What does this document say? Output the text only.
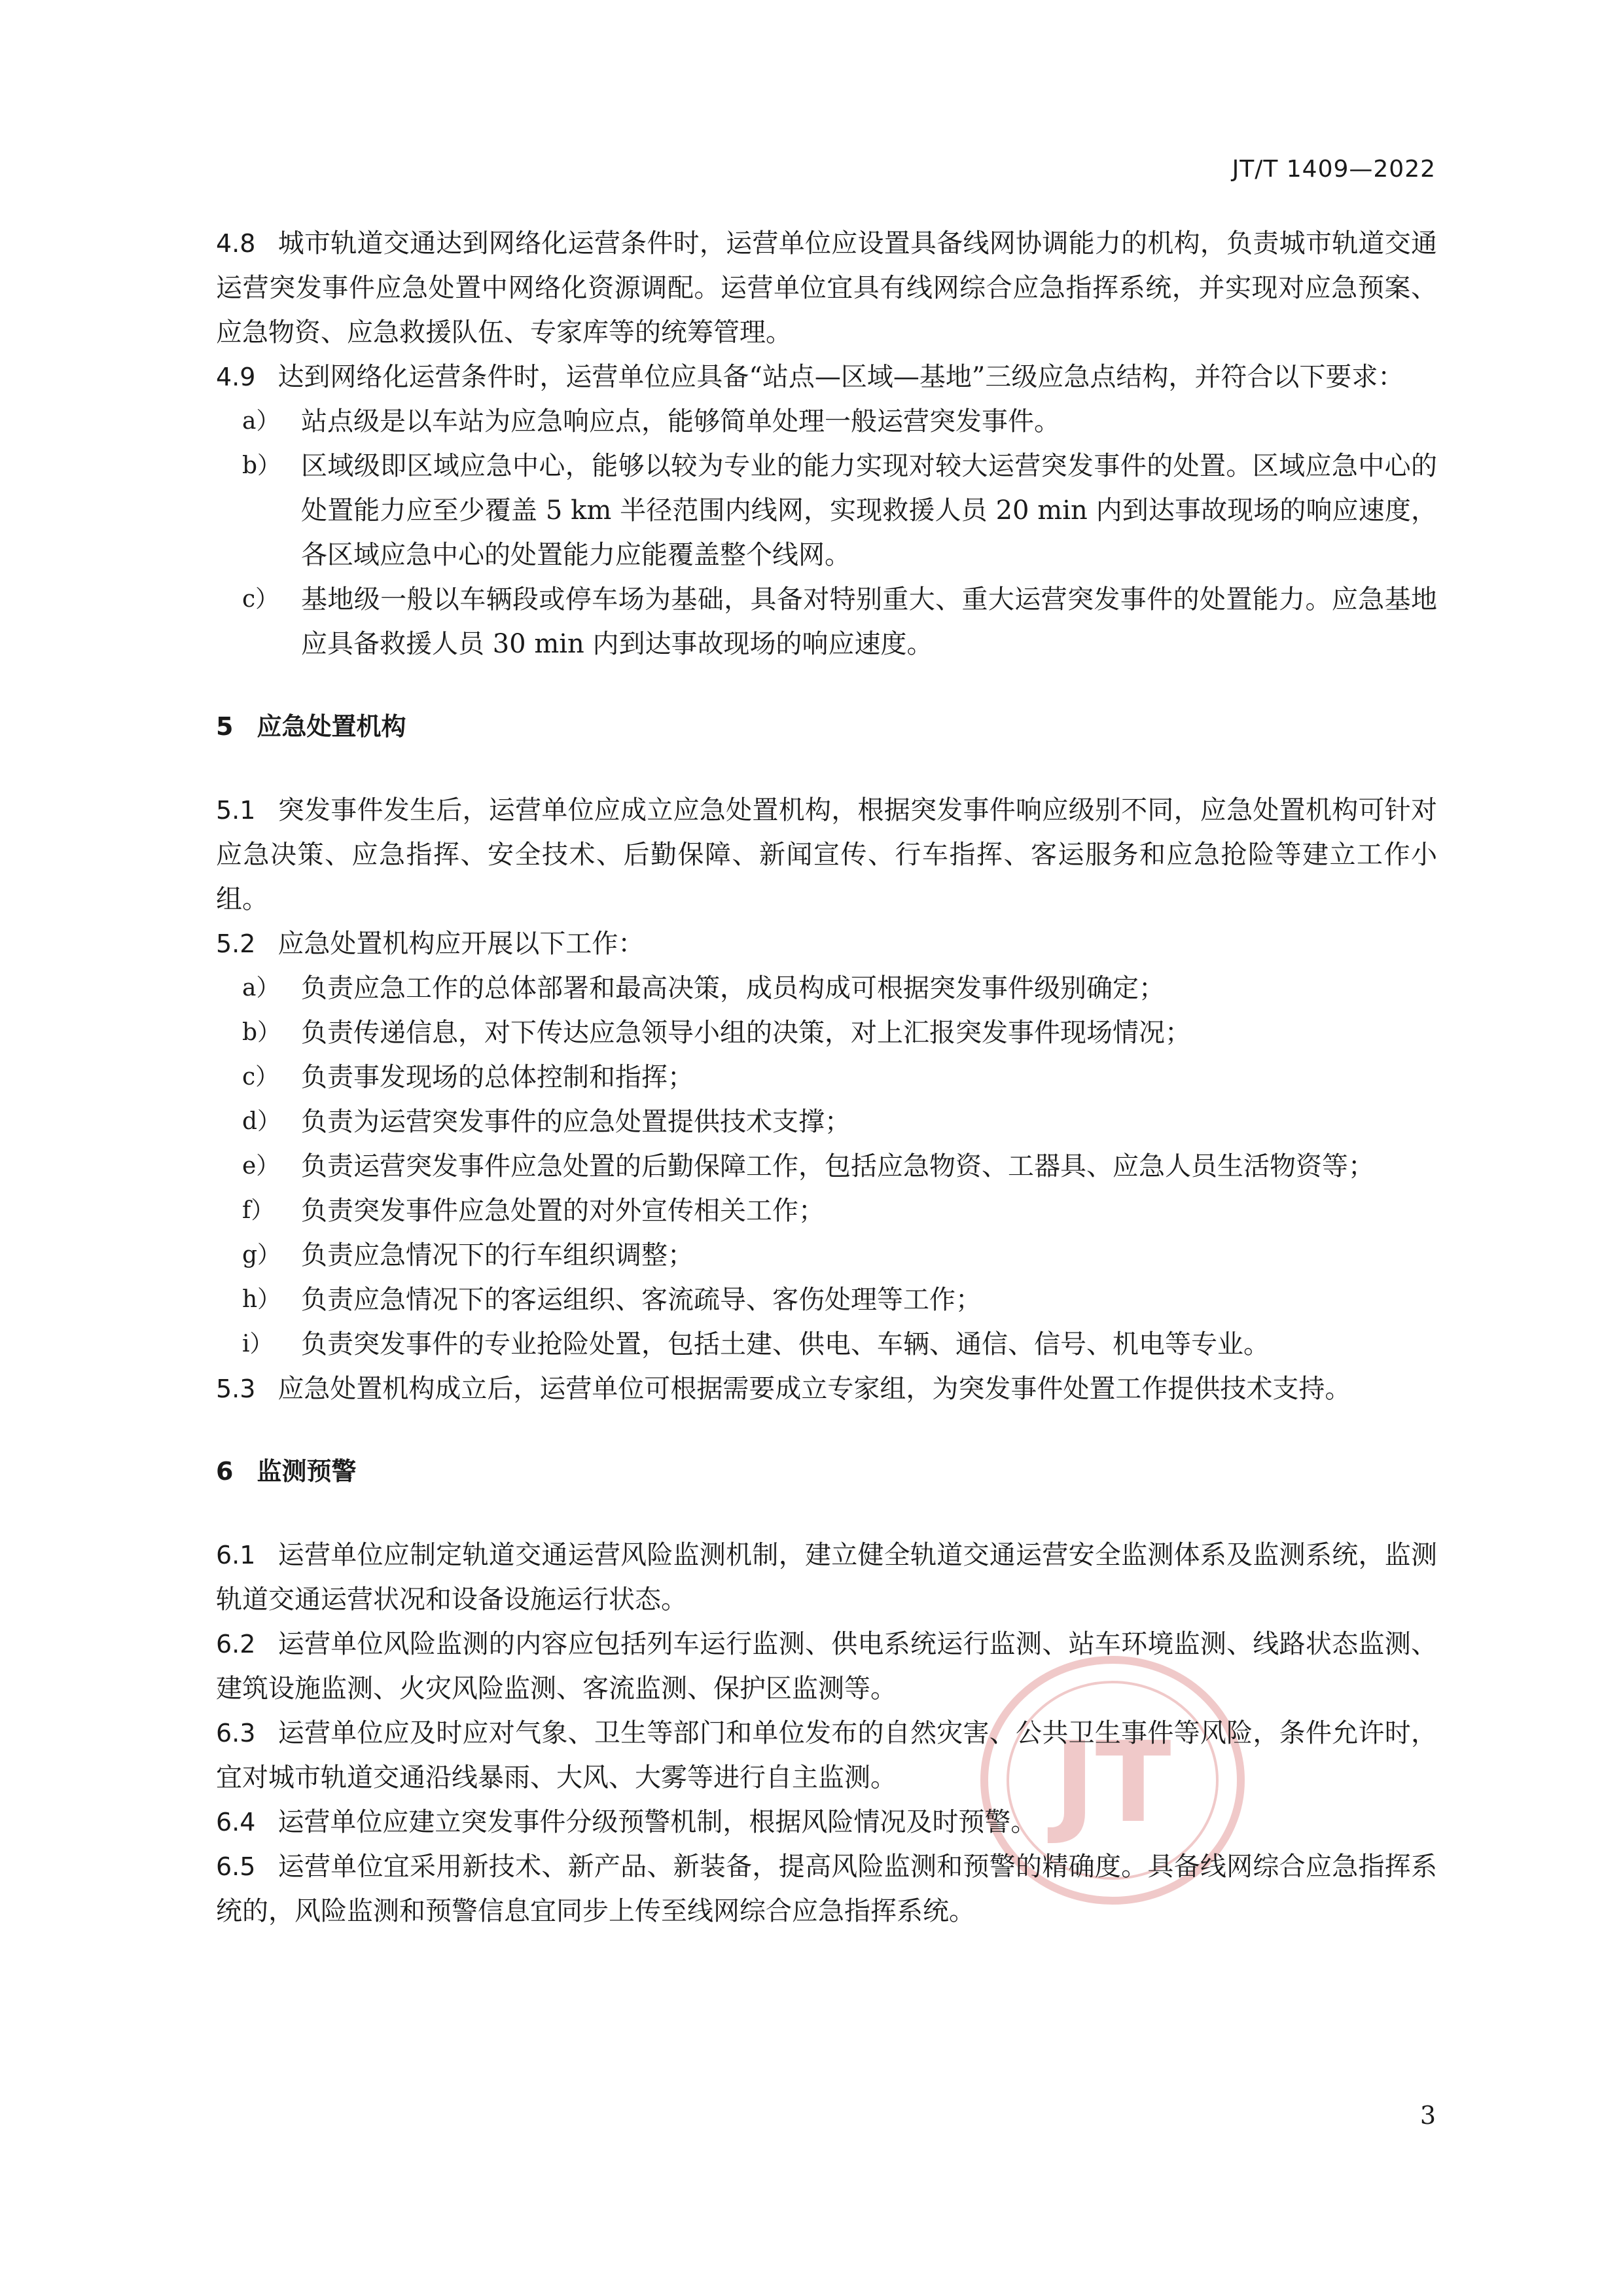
JT/T 1409—2022
JT

4.8 城市轨道交通达到网络化运营条件时，运营单位应设置具备线网协调能力的机构，负责城市轨道交通运营突发事件应急处置中网络化资源调配。运营单位宜具有线网综合应急指挥系统，并实现对应急预案、应急物资、应急救援队伍、专家库等的统筹管理。

4.9 达到网络化运营条件时，运营单位应具备“站点—区域—基地”三级应急点结构，并符合以下要求：

a） 站点级是以车站为应急响应点，能够简单处理一般运营突发事件。
b） 区域级即区域应急中心，能够以较为专业的能力实现对较大运营突发事件的处置。区域应急中心的处置能力应至少覆盖 5 km 半径范围内线网，实现救援人员 20 min 内到达事故现场的响应速度，各区域应急中心的处置能力应能覆盖整个线网。
c） 基地级一般以车辆段或停车场为基础，具备对特别重大、重大运营突发事件的处置能力。应急基地应具备救援人员 30 min 内到达事故现场的响应速度。
5 应急处置机构

5.1 突发事件发生后，运营单位应成立应急处置机构，根据突发事件响应级别不同，应急处置机构可针对应急决策、应急指挥、安全技术、后勤保障、新闻宣传、行车指挥、客运服务和应急抢险等建立工作小组。

5.2 应急处置机构应开展以下工作：

a） 负责应急工作的总体部署和最高决策，成员构成可根据突发事件级别确定；
b） 负责传递信息，对下传达应急领导小组的决策，对上汇报突发事件现场情况；
c） 负责事发现场的总体控制和指挥；
d） 负责为运营突发事件的应急处置提供技术支撑；
e） 负责运营突发事件应急处置的后勤保障工作，包括应急物资、工器具、应急人员生活物资等；
f） 负责突发事件应急处置的对外宣传相关工作；
g） 负责应急情况下的行车组织调整；
h） 负责应急情况下的客运组织、客流疏导、客伤处理等工作；
i） 负责突发事件的专业抢险处置，包括土建、供电、车辆、通信、信号、机电等专业。

5.3 应急处置机构成立后，运营单位可根据需要成立专家组，为突发事件处置工作提供技术支持。

6 监测预警

6.1 运营单位应制定轨道交通运营风险监测机制，建立健全轨道交通运营安全监测体系及监测系统，监测轨道交通运营状况和设备设施运行状态。

6.2 运营单位风险监测的内容应包括列车运行监测、供电系统运行监测、站车环境监测、线路状态监测、建筑设施监测、火灾风险监测、客流监测、保护区监测等。

6.3 运营单位应及时应对气象、卫生等部门和单位发布的自然灾害、公共卫生事件等风险，条件允许时，宜对城市轨道交通沿线暴雨、大风、大雾等进行自主监测。

6.4 运营单位应建立突发事件分级预警机制，根据风险情况及时预警。

6.5 运营单位宜采用新技术、新产品、新装备，提高风险监测和预警的精确度。具备线网综合应急指挥系统的，风险监测和预警信息宜同步上传至线网综合应急指挥系统。

3
